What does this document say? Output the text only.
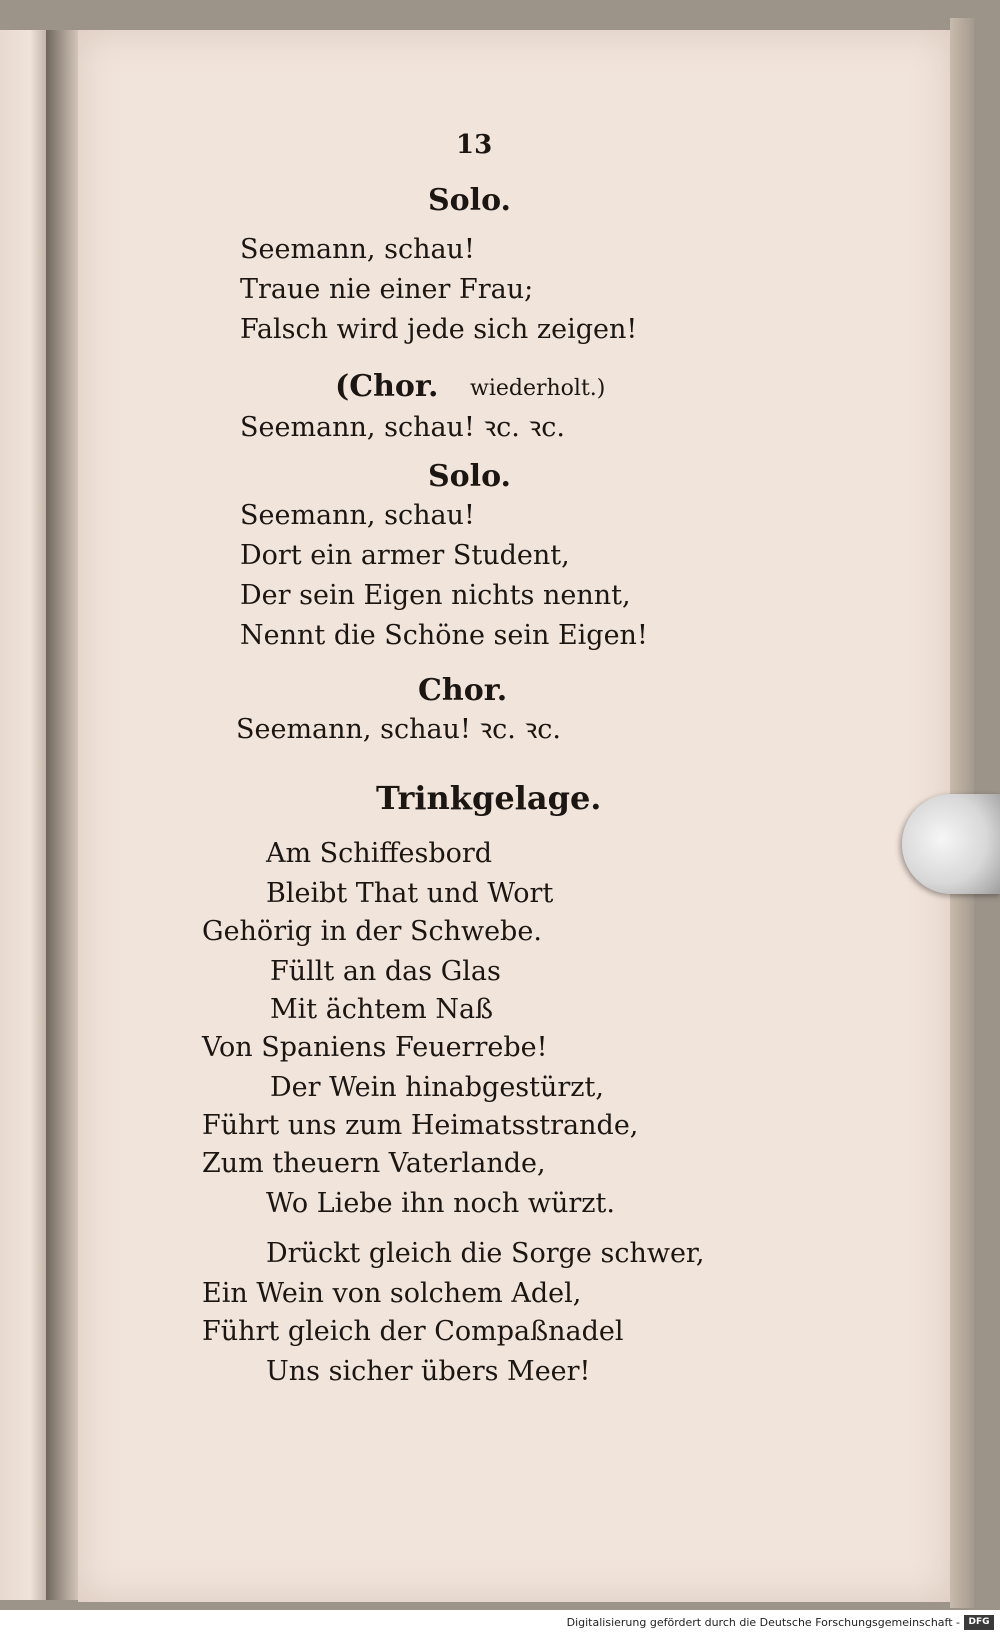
13
Solo.
Seemann, schau!
Traue nie einer Frau;
Falsch wird jede sich zeigen!
(Chor. wiederholt.)
Seemann, schau! ꝛc. ꝛc.
Solo.
Seemann, schau!
Dort ein armer Student,
Der sein Eigen nichts nennt,
Nennt die Schöne sein Eigen!
Chor.
Seemann, schau! ꝛc. ꝛc.
Trinkgelage.
Am Schiffesbord
Bleibt That und Wort
Gehörig in der Schwebe.
Füllt an das Glas
Mit ächtem Naß
Von Spaniens Feuerrebe!
Der Wein hinabgestürzt,
Führt uns zum Heimatsstrande,
Zum theuern Vaterlande,
Wo Liebe ihn noch würzt.
Drückt gleich die Sorge schwer,
Ein Wein von solchem Adel,
Führt gleich der Compaßnadel
Uns sicher übers Meer!
Digitalisierung gefördert durch die Deutsche Forschungsgemeinschaft - DFG
